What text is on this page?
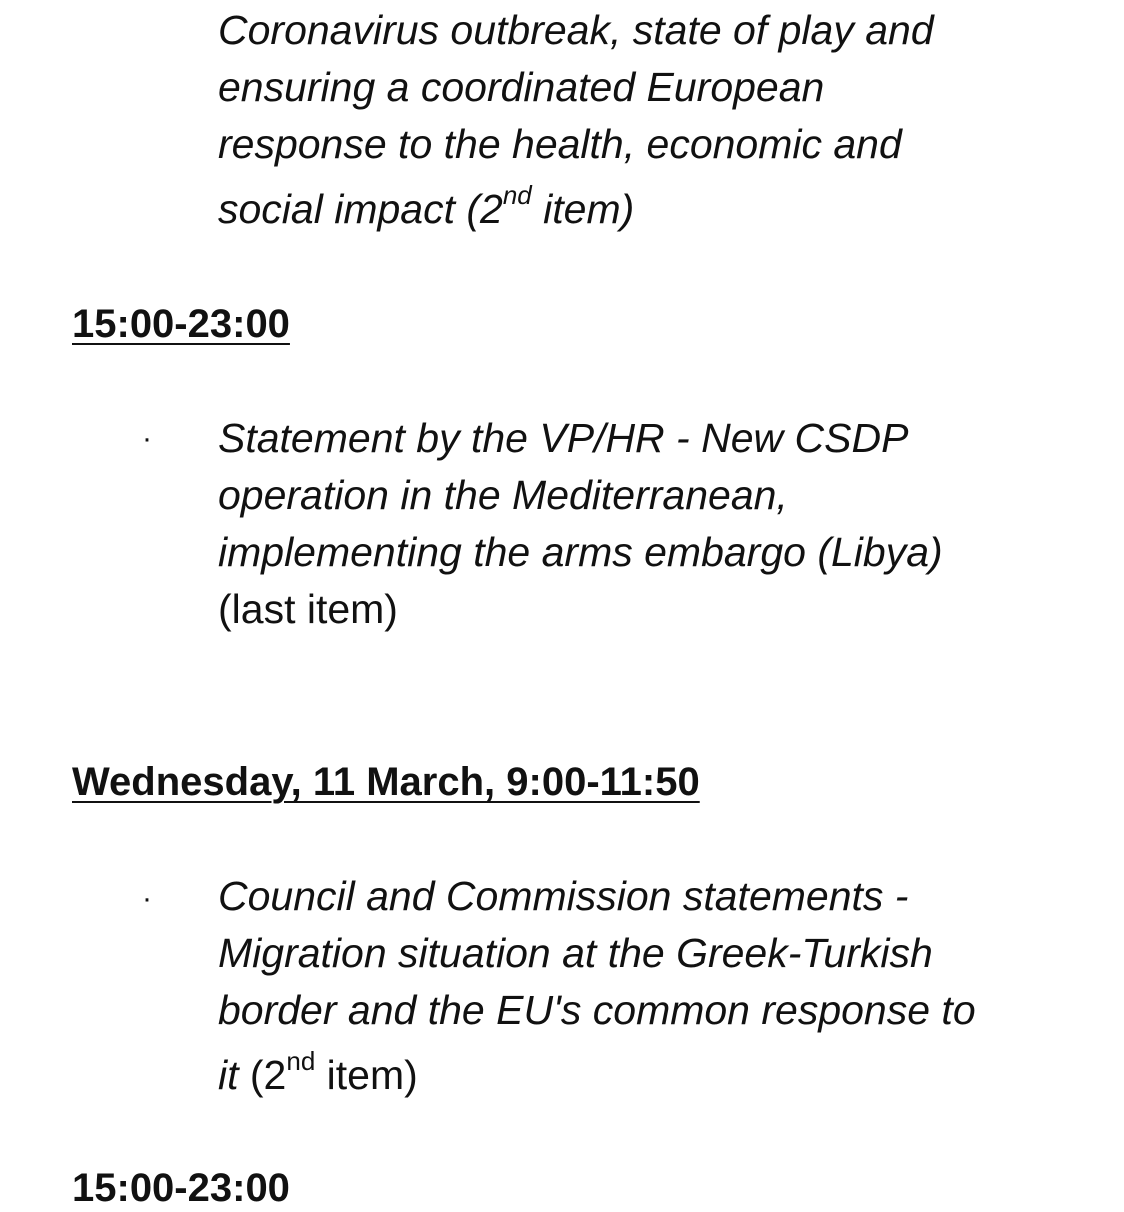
Coronavirus outbreak, state of play and
ensuring a coordinated European
response to the health, economic and
social impact (2nd item)
15:00-23:00
· Statement by the VP/HR - New CSDP
operation in the Mediterranean,
implementing the arms embargo (Libya)
(last item)
Wednesday, 11 March, 9:00-11:50
· Council and Commission statements -
Migration situation at the Greek-Turkish
border and the EU's common response to
it (2nd item)
15:00-23:00
